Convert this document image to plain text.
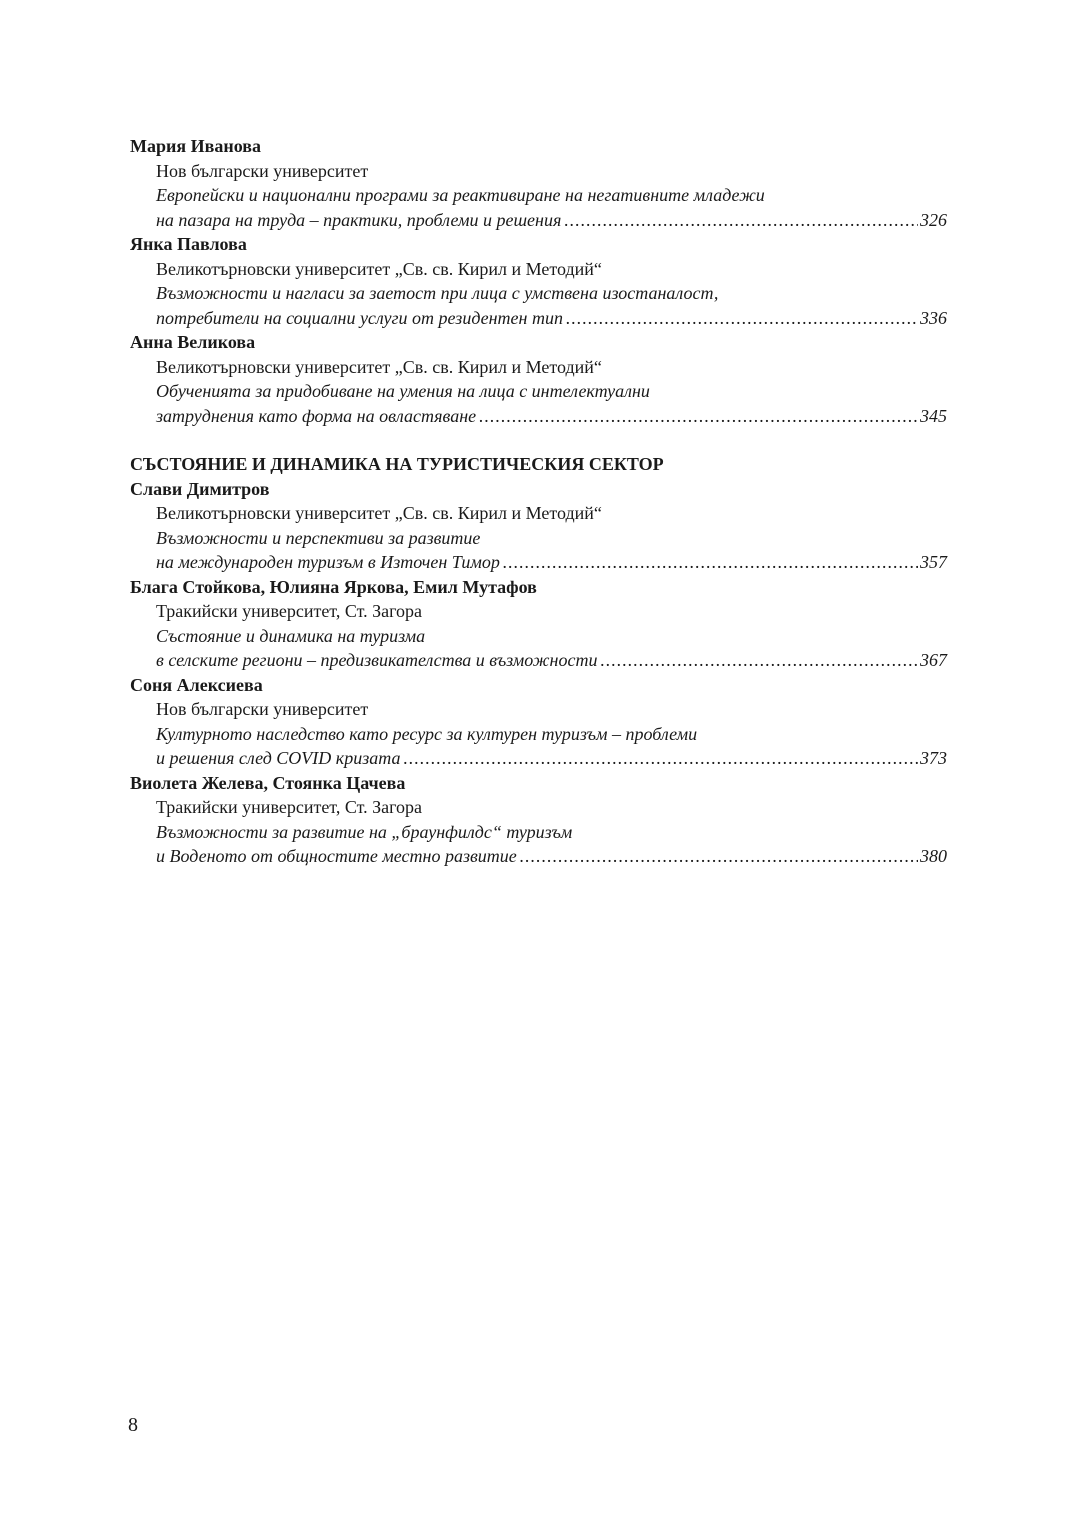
Мария Иванова
Нов български университет
Европейски и национални програми за реактивиране на негативните младежи
на пазара на труда – практики, проблеми и решения .....	326
Янка Павлова
Великотърновски университет „Св. св. Кирил и Методий“
Възможности и нагласи за заетост при лица с умствена изостаналост,
потребители на социални услуги от резидентен тип .....	336
Анна Великова
Великотърновски университет „Св. св. Кирил и Методий“
Обученията за придобиване на умения на лица с интелектуални
затруднения като форма на овластяване .....	345
СЪСТОЯНИЕ И ДИНАМИКА НА ТУРИСТИЧЕСКИЯ СЕКТОР
Слави Димитров
Великотърновски университет „Св. св. Кирил и Методий“
Възможности и перспективи за развитие
на международен туризъм в Източен Тимор .....	357
Блага Стойкова, Юлияна Яркова, Емил Мутафов
Тракийски университет, Ст. Загора
Състояние и динамика на туризма
в селските региони – предизвикателства и възможности .....	367
Соня Алексиева
Нов български университет
Културното наследство като ресурс за културен туризъм – проблеми
и решения след COVID кризата .....	373
Виолета Желева, Стоянка Цачева
Тракийски университет, Ст. Загора
Възможности за развитие на „браунфилдс“ туризъм
и Воденото от общностите местно развитие .....	380
8
